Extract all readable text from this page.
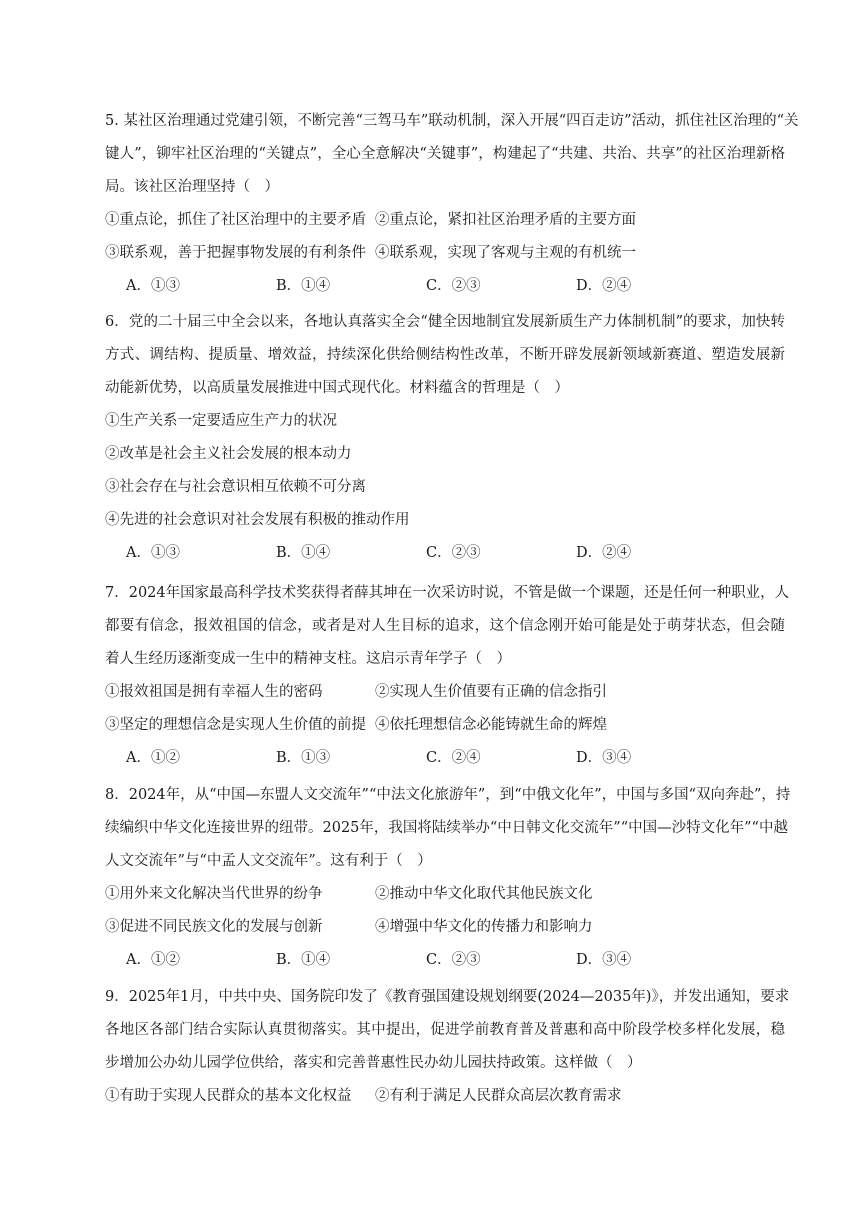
5. 某社区治理通过党建引领，不断完善“三驾马车”联动机制，深入开展“四百走访”活动，抓住社区治理的“关
键人”，铆牢社区治理的“关键点”，全心全意解决“关键事”，构建起了“共建、共治、共享”的社区治理新格
局。该社区治理坚持（　）
①重点论，抓住了社区治理中的主要矛盾 ②重点论，紧扣社区治理矛盾的主要方面
③联系观，善于把握事物发展的有利条件 ④联系观，实现了客观与主观的有机统一
A．①③	B．①④	C．②③	D．②④
6．党的二十届三中全会以来，各地认真落实全会“健全因地制宜发展新质生产力体制机制”的要求，加快转
方式、调结构、提质量、增效益，持续深化供给侧结构性改革，不断开辟发展新领域新赛道、塑造发展新
动能新优势，以高质量发展推进中国式现代化。材料蕴含的哲理是（　）
①生产关系一定要适应生产力的状况
②改革是社会主义社会发展的根本动力
③社会存在与社会意识相互依赖不可分离
④先进的社会意识对社会发展有积极的推动作用
A．①③	B．①④	C．②③	D．②④
7．2024年国家最高科学技术奖获得者薛其坤在一次采访时说，不管是做一个课题，还是任何一种职业，人
都要有信念，报效祖国的信念，或者是对人生目标的追求，这个信念刚开始可能是处于萌芽状态，但会随
着人生经历逐渐变成一生中的精神支柱。这启示青年学子（　）
①报效祖国是拥有幸福人生的密码	②实现人生价值要有正确的信念指引
③坚定的理想信念是实现人生价值的前提 ④依托理想信念必能铸就生命的辉煌
A．①②	B．①③	C．②④	D．③④
8．2024年，从“中国—东盟人文交流年”“中法文化旅游年”，到“中俄文化年”，中国与多国“双向奔赴”，持
续编织中华文化连接世界的纽带。2025年，我国将陆续举办“中日韩文化交流年”“中国—沙特文化年”“中越
人文交流年”与“中孟人文交流年”。这有利于（　）
①用外来文化解决当代世界的纷争	②推动中华文化取代其他民族文化
③促进不同民族文化的发展与创新	④增强中华文化的传播力和影响力
A．①②	B．①④	C．②③	D．③④
9．2025年1月，中共中央、国务院印发了《教育强国建设规划纲要(2024—2035年)》，并发出通知，要求
各地区各部门结合实际认真贯彻落实。其中提出，促进学前教育普及普惠和高中阶段学校多样化发展，稳
步增加公办幼儿园学位供给，落实和完善普惠性民办幼儿园扶持政策。这样做（　）
①有助于实现人民群众的基本文化权益	②有利于满足人民群众高层次教育需求
